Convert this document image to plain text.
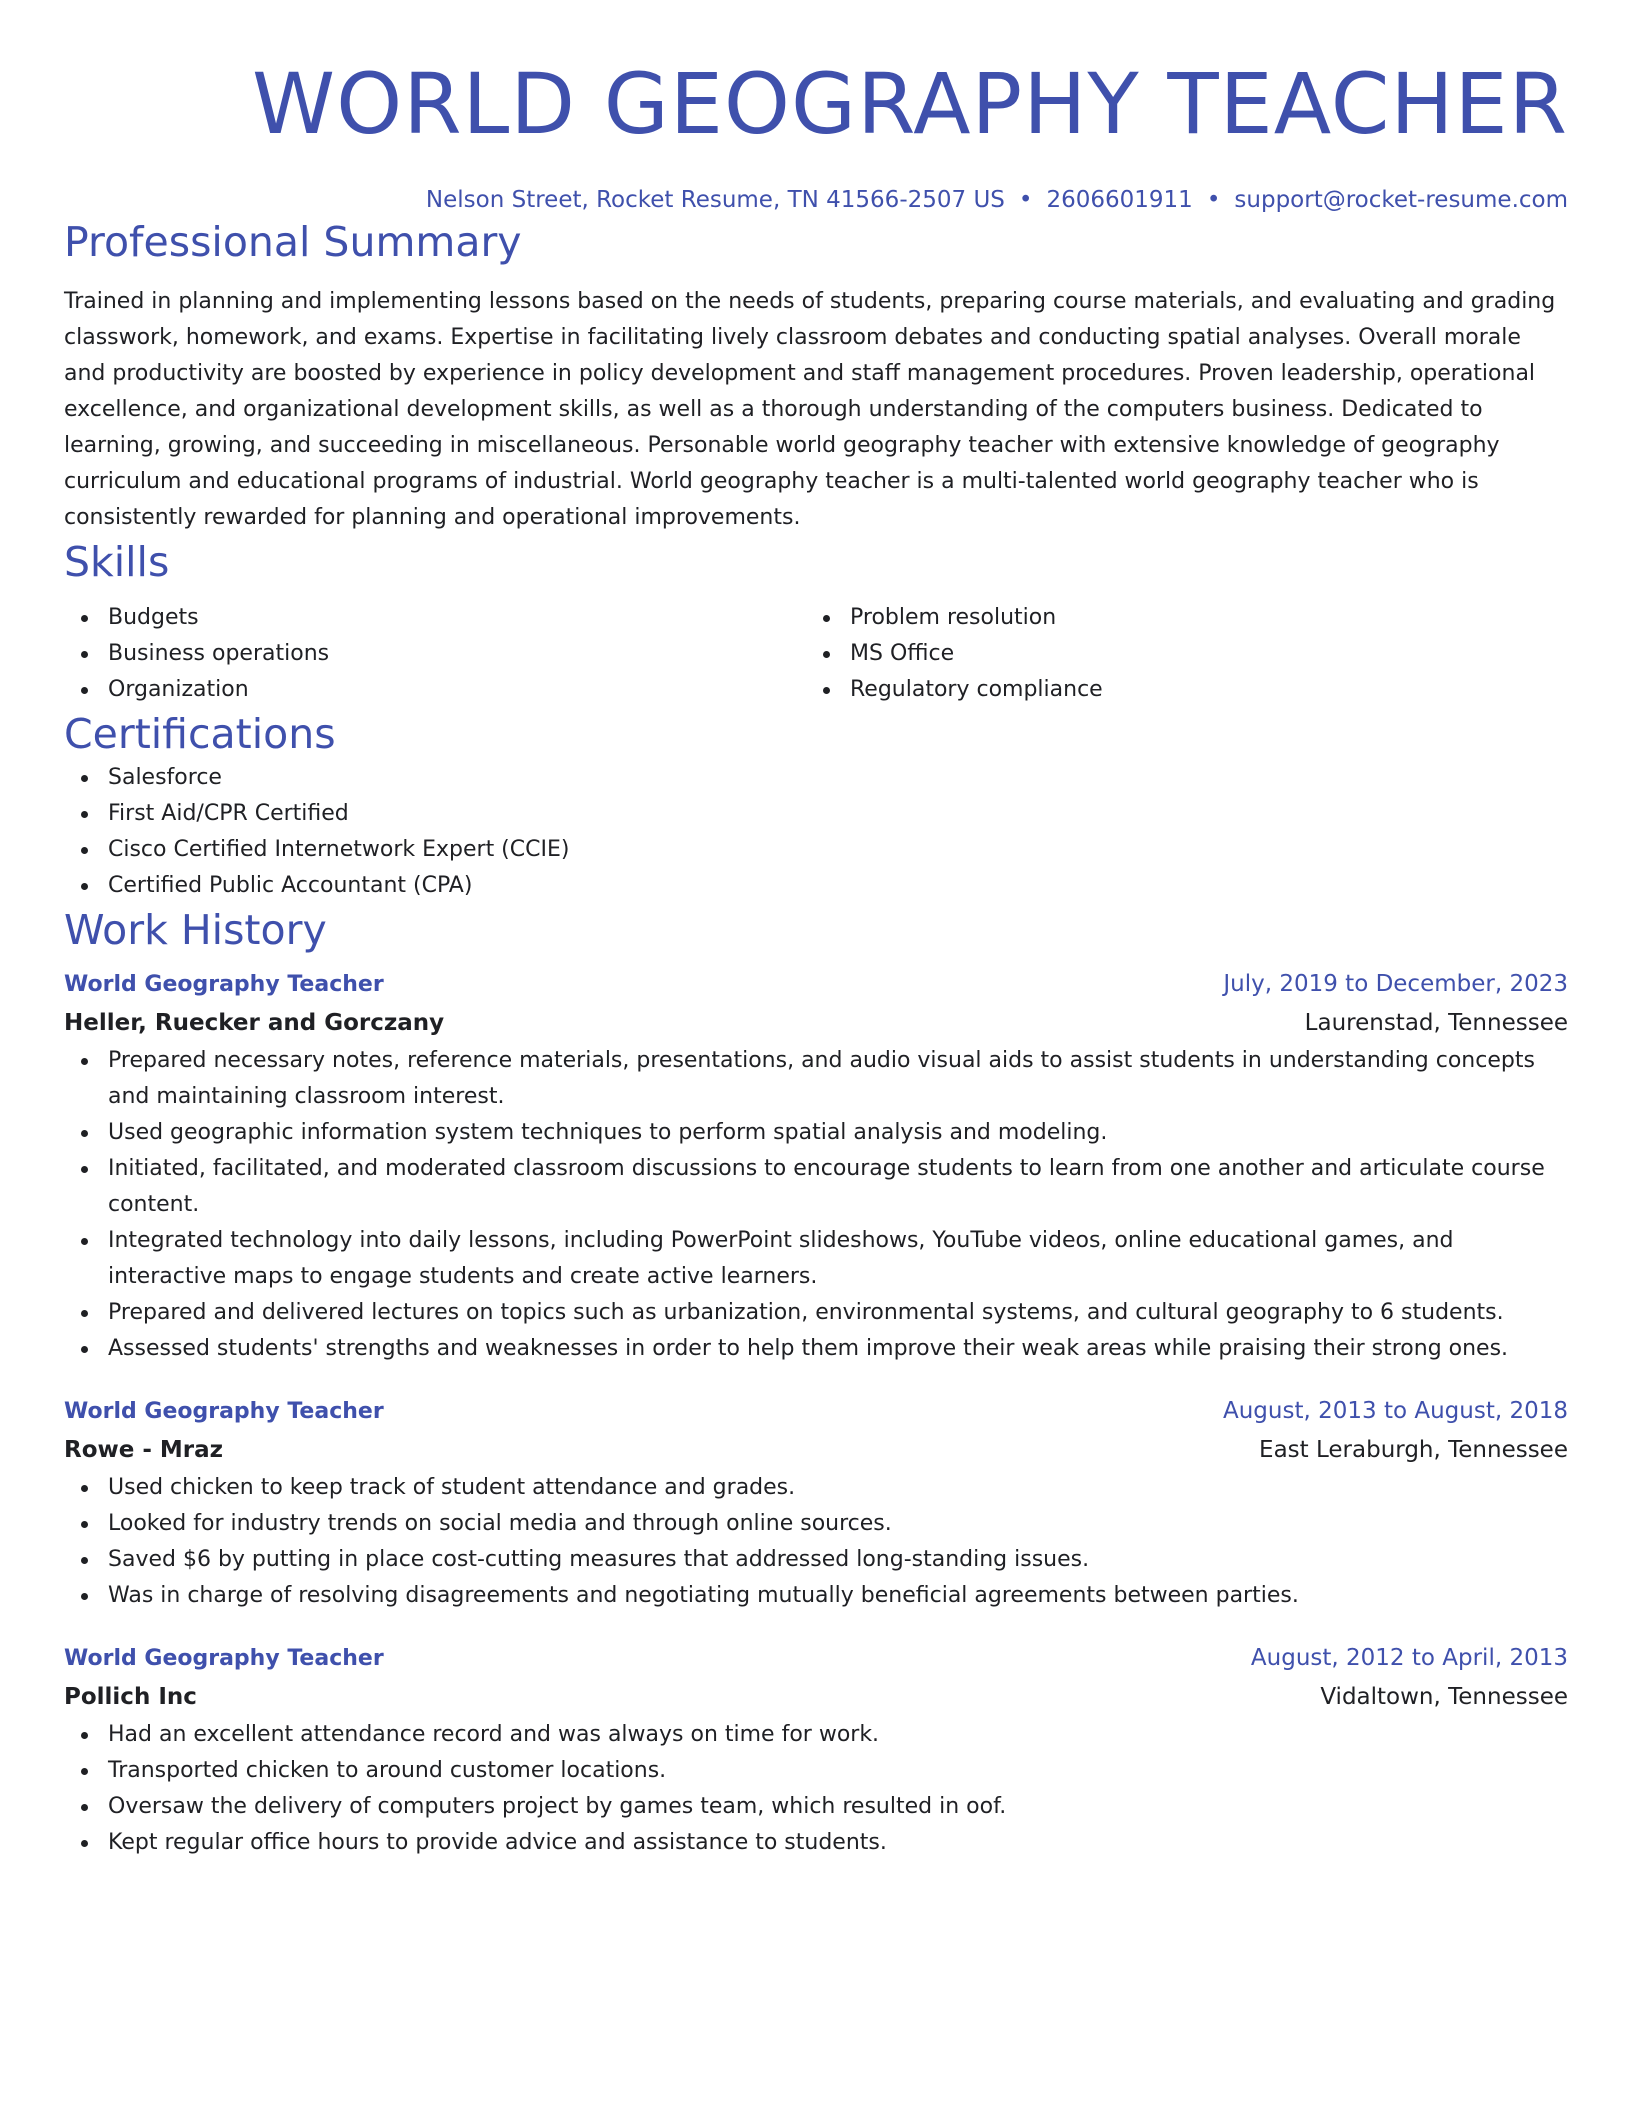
WORLD GEOGRAPHY TEACHER
Nelson Street, Rocket Resume, TN 41566-2507 US • 2606601911 • support@rocket-resume.com
Professional Summary
Trained in planning and implementing lessons based on the needs of students, preparing course materials, and evaluating and grading classwork, homework, and exams. Expertise in facilitating lively classroom debates and conducting spatial analyses. Overall morale and productivity are boosted by experience in policy development and staff management procedures. Proven leadership, operational excellence, and organizational development skills, as well as a thorough understanding of the computers business. Dedicated to learning, growing, and succeeding in miscellaneous. Personable world geography teacher with extensive knowledge of geography curriculum and educational programs of industrial. World geography teacher is a multi-talented world geography teacher who is consistently rewarded for planning and operational improvements.
Skills
Budgets
Business operations
Organization
Problem resolution
MS Office
Regulatory compliance
Certifications
Salesforce
First Aid/CPR Certified
Cisco Certified Internetwork Expert (CCIE)
Certified Public Accountant (CPA)
Work History
World Geography Teacher	July, 2019 to December, 2023
Heller, Ruecker and Gorczany	Laurenstad, Tennessee
Prepared necessary notes, reference materials, presentations, and audio visual aids to assist students in understanding concepts and maintaining classroom interest.
Used geographic information system techniques to perform spatial analysis and modeling.
Initiated, facilitated, and moderated classroom discussions to encourage students to learn from one another and articulate course content.
Integrated technology into daily lessons, including PowerPoint slideshows, YouTube videos, online educational games, and interactive maps to engage students and create active learners.
Prepared and delivered lectures on topics such as urbanization, environmental systems, and cultural geography to 6 students.
Assessed students' strengths and weaknesses in order to help them improve their weak areas while praising their strong ones.
World Geography Teacher	August, 2013 to August, 2018
Rowe - Mraz	East Leraburgh, Tennessee
Used chicken to keep track of student attendance and grades.
Looked for industry trends on social media and through online sources.
Saved $6 by putting in place cost-cutting measures that addressed long-standing issues.
Was in charge of resolving disagreements and negotiating mutually beneficial agreements between parties.
World Geography Teacher	August, 2012 to April, 2013
Pollich Inc	Vidaltown, Tennessee
Had an excellent attendance record and was always on time for work.
Transported chicken to around customer locations.
Oversaw the delivery of computers project by games team, which resulted in oof.
Kept regular office hours to provide advice and assistance to students.
